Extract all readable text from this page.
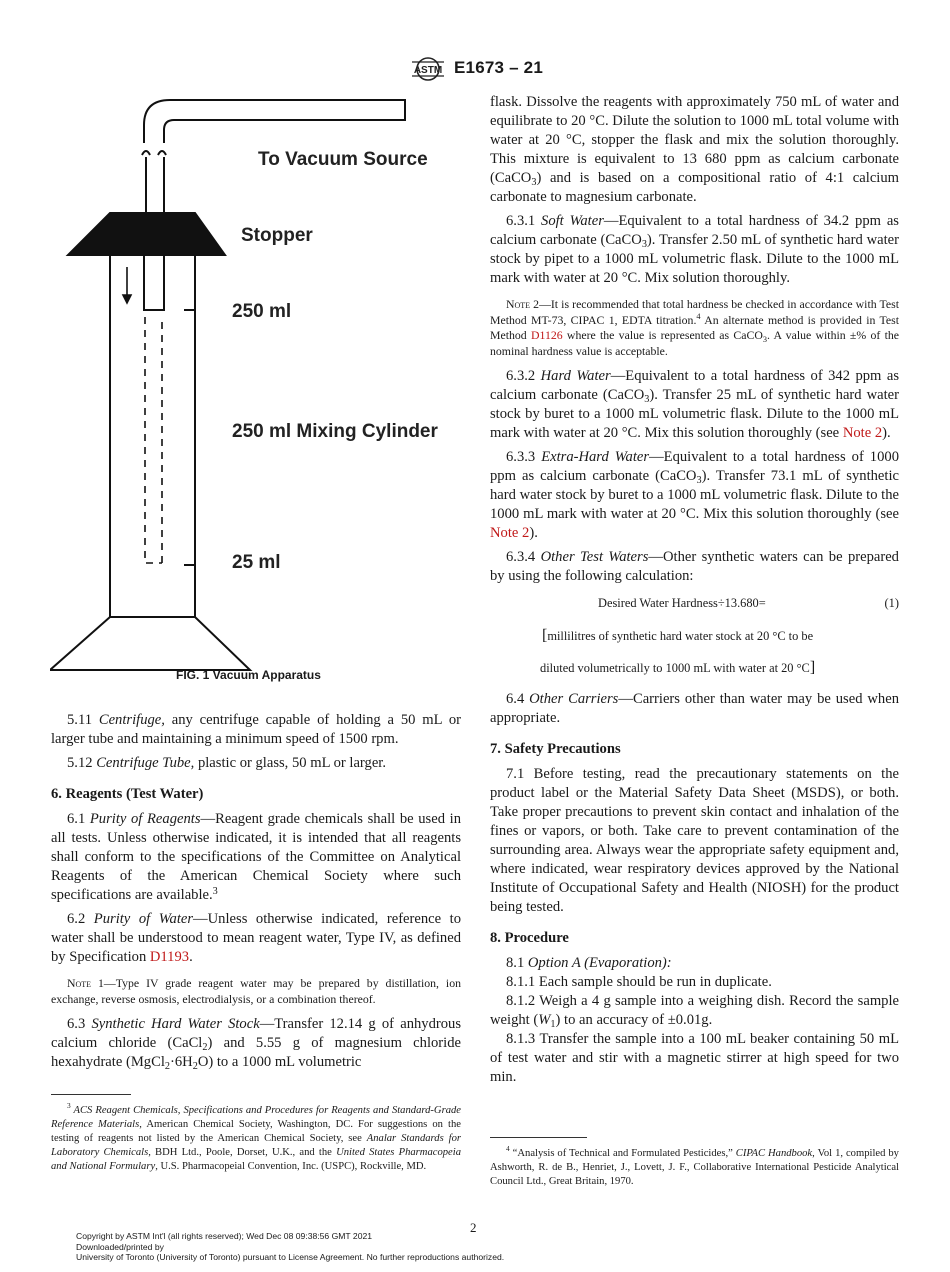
ASTM E1673 – 21
To Vacuum Source
Stopper
250 ml
250 ml Mixing Cylinder
25 ml
FIG. 1 Vacuum Apparatus

flask. Dissolve the reagents with approximately 750 mL of water and equilibrate to 20 °C. Dilute the solution to 1000 mL total volume with water at 20 °C, stopper the flask and mix the solution thoroughly. This mixture is equivalent to 13 680 ppm as calcium carbonate (CaCO$_3$) and is based on a compositional ratio of 4:1 calcium carbonate to magnesium carbonate.

6.3.1 Soft Water—Equivalent to a total hardness of 34.2 ppm as calcium carbonate (CaCO$_3$). Transfer 2.50 mL of synthetic hard water stock by pipet to a 1000 mL volumetric flask. Dilute to the 1000 mL mark with water at 20 °C. Mix solution thoroughly.

Note 2—It is recommended that total hardness be checked in accordance with Test Method MT-73, CIPAC 1, EDTA titration.$^4$ An alternate method is provided in Test Method D1126 where the value is represented as CaCO$_3$. A value within ±% of the nominal hardness value is acceptable.

6.3.2 Hard Water—Equivalent to a total hardness of 342 ppm as calcium carbonate (CaCO$_3$). Transfer 25 mL of synthetic hard water stock by buret to a 1000 mL volumetric flask. Dilute to the 1000 mL mark with water at 20 °C. Mix this solution thoroughly (see Note 2).

6.3.3 Extra-Hard Water—Equivalent to a total hardness of 1000 ppm as calcium carbonate (CaCO$_3$). Transfer 73.1 mL of synthetic hard water stock by buret to a 1000 mL volumetric flask. Dilute to the 1000 mL mark with water at 20 °C. Mix this solution thoroughly (see Note 2).

6.3.4 Other Test Waters—Other synthetic waters can be prepared by using the following calculation:

Desired Water Hardness÷13.680=	(1)
[millilitres of synthetic hard water stock at 20 °C to be
diluted volumetrically to 1000 mL with water at 20 °C]

6.4 Other Carriers—Carriers other than water may be used when appropriate.

7. Safety Precautions

7.1 Before testing, read the precautionary statements on the product label or the Material Safety Data Sheet (MSDS), or both. Take proper precautions to prevent skin contact and inhalation of the fines or vapors, or both. Take care to prevent contamination of the surrounding area. Always wear the appropriate safety equipment and, where indicated, wear respiratory devices approved by the National Institute of Occupational Safety and Health (NIOSH) for the product being tested.

8. Procedure

8.1 Option A (Evaporation):

8.1.1 Each sample should be run in duplicate.

8.1.2 Weigh a 4 g sample into a weighing dish. Record the sample weight $(W_1)$ to an accuracy of ±0.01g.

8.1.3 Transfer the sample into a 100 mL beaker containing 50 mL of test water and stir with a magnetic stirrer at high speed for two min.

5.11 Centrifuge, any centrifuge capable of holding a 50 mL or larger tube and maintaining a minimum speed of 1500 rpm.

5.12 Centrifuge Tube, plastic or glass, 50 mL or larger.

6. Reagents (Test Water)

6.1 Purity of Reagents—Reagent grade chemicals shall be used in all tests. Unless otherwise indicated, it is intended that all reagents shall conform to the specifications of the Committee on Analytical Reagents of the American Chemical Society where such specifications are available.$^3$

6.2 Purity of Water—Unless otherwise indicated, reference to water shall be understood to mean reagent water, Type IV, as defined by Specification D1193.

Note 1—Type IV grade reagent water may be prepared by distillation, ion exchange, reverse osmosis, electrodialysis, or a combination thereof.

6.3 Synthetic Hard Water Stock—Transfer 12.14 g of anhydrous calcium chloride (CaCl$_2$) and 5.55 g of magnesium chloride hexahydrate $(MgCl_2\cdot 6H_2O)$ to a 1000 mL volumetric

$^3$ ACS Reagent Chemicals, Specifications and Procedures for Reagents and Standard-Grade Reference Materials, American Chemical Society, Washington, DC. For suggestions on the testing of reagents not listed by the American Chemical Society, see Analar Standards for Laboratory Chemicals, BDH Ltd., Poole, Dorset, U.K., and the United States Pharmacopeia and National Formulary, U.S. Pharmacopeial Convention, Inc. (USPC), Rockville, MD.
$^4$ “Analysis of Technical and Formulated Pesticides,” CIPAC Handbook, Vol 1, compiled by Ashworth, R. de B., Henriet, J., Lovett, J. F., Collaborative International Pesticide Analytical Council Ltd., Great Britain, 1970.
2
Copyright by ASTM Int'l (all rights reserved); Wed Dec 08 09:38:56 GMT 2021
Downloaded/printed by
University of Toronto (University of Toronto) pursuant to License Agreement. No further reproductions authorized.
